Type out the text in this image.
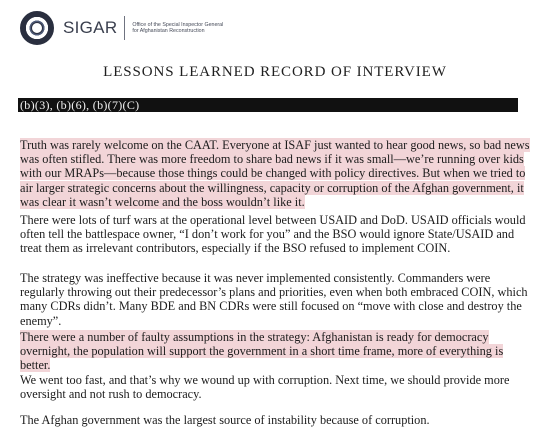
SIGAR	Office of the Special Inspector General
for Afghanistan Reconstruction
LESSONS LEARNED RECORD OF INTERVIEW
(b)(3), (b)(6), (b)(7)(C)

Truth was rarely welcome on the CAAT. Everyone at ISAF just wanted to hear good news, so bad news was often stifled. There was more freedom to share bad news if it was small—we’re running over kids with our MRAPs—because those things could be changed with policy directives. But when we tried to air larger strategic concerns about the willingness, capacity or corruption of the Afghan government, it was clear it wasn’t welcome and the boss wouldn’t like it.

There were lots of turf wars at the operational level between USAID and DoD. USAID officials would often tell the battlespace owner, “I don’t work for you” and the BSO would ignore State/USAID and treat them as irrelevant contributors, especially if the BSO refused to implement COIN.

The strategy was ineffective because it was never implemented consistently. Commanders were regularly throwing out their predecessor’s plans and priorities, even when both embraced COIN, which many CDRs didn’t. Many BDE and BN CDRs were still focused on “move with close and destroy the enemy”.

There were a number of faulty assumptions in the strategy: Afghanistan is ready for democracy overnight, the population will support the government in a short time frame, more of everything is better.

We went too fast, and that’s why we wound up with corruption. Next time, we should provide more oversight and not rush to democracy.

The Afghan government was the largest source of instability because of corruption.
